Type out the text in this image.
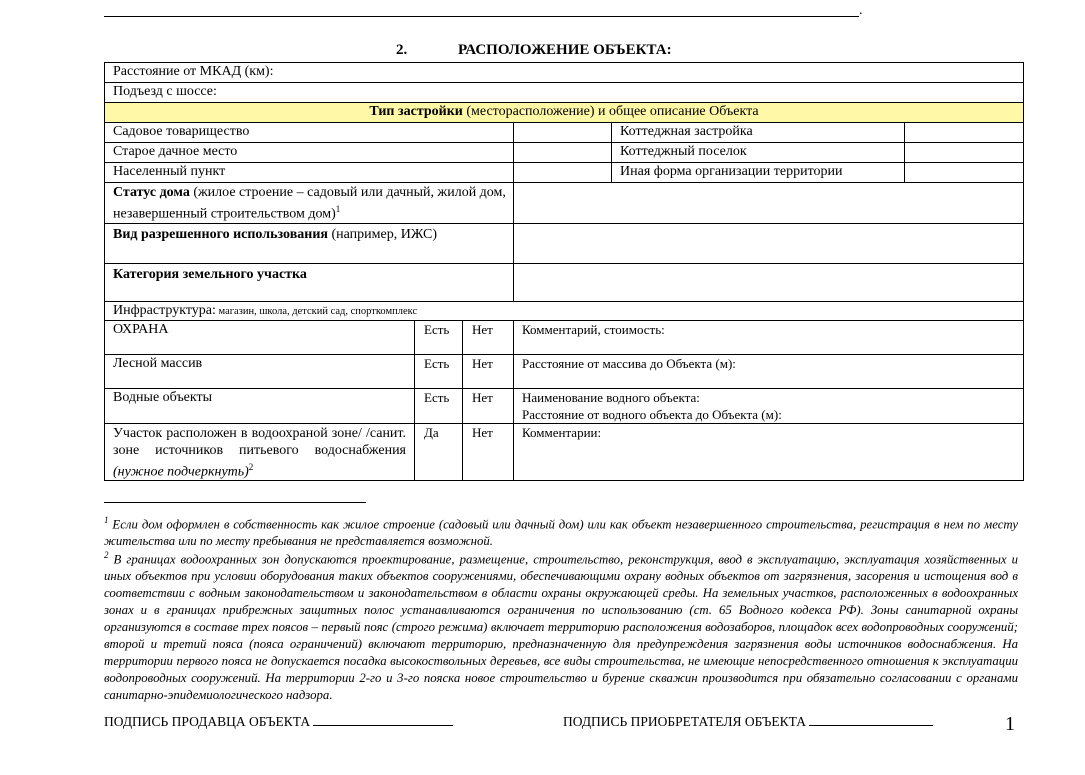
.
2.	РАСПОЛОЖЕНИЕ ОБЪЕКТА:
Расстояние от МКАД (км):					
Подъезд с шоссе:					
Тип застройки (месторасположение) и общее описание Объекта					
Садовое товарищество				Коттеджная застройка	
Старое дачное место				Коттеджный поселок	
Населенный пункт				Иная форма организации территории	
Статус дома (жилое строение – садовый или дачный, жилой дом, незавершенный строительством дом)$^1$	
Вид разрешенного использования (например, ИЖС)					
Категория земельного участка					
Инфраструктура: магазин, школа, детский сад, спорткомплекс					
ОХРАНА	Есть	Нет	Комментарий, стоимость:		
Лесной массив	Есть	Нет	Расстояние от массива до Объекта (м):		
Водные объекты	Есть	Нет	Наименование водного объекта:
Расстояние от водного объекта до Объекта (м):		

Участок расположен в водоохраной зоне/ /санит. зоне источников питьевого водоснабжения (нужное подчеркнуть)$^2$	Да	Нет	Комментарии:		
$^1$ Если дом оформлен в собственность как жилое строение (садовый или дачный дом) или как объект незавершенного строительства, регистрация в нем по месту жительства или по месту пребывания не представляется возможной.
$^2$ В границах водоохранных зон допускаются проектирование, размещение, строительство, реконструкция, ввод в эксплуатацию, эксплуатация хозяйственных и иных объектов при условии оборудования таких объектов сооружениями, обеспечивающими охрану водных объектов от загрязнения, засорения и истощения вод в соответствии с водным законодательством и законодательством в области охраны окружающей среды. На земельных участков, расположенных в водоохранных зонах и в границах прибрежных защитных полос устанавливаются ограничения по использованию (ст. 65 Водного кодекса РФ). Зоны санитарной охраны организуются в составе трех поясов – первый пояс (строго режима) включает территорию расположения водозаборов, площадок всех водопроводных сооружений; второй и третий пояса (пояса ограничений) включают территорию, предназначенную для предупреждения загрязнения воды источников водоснабжения. На территории первого пояса не допускается посадка высокоствольных деревьев, все виды строительства, не имеющие непосредственного отношения к эксплуатации водопроводных сооружений. На территории 2-го и 3-го пояска новое строительство и бурение скважин производится при обязательно согласовании с органами санитарно-эпидемиологического надзора.
ПОДПИСЬ ПРОДАВЦА ОБЪЕКТА	ПОДПИСЬ ПРИОБРЕТАТЕЛЯ ОБЪЕКТА	1
